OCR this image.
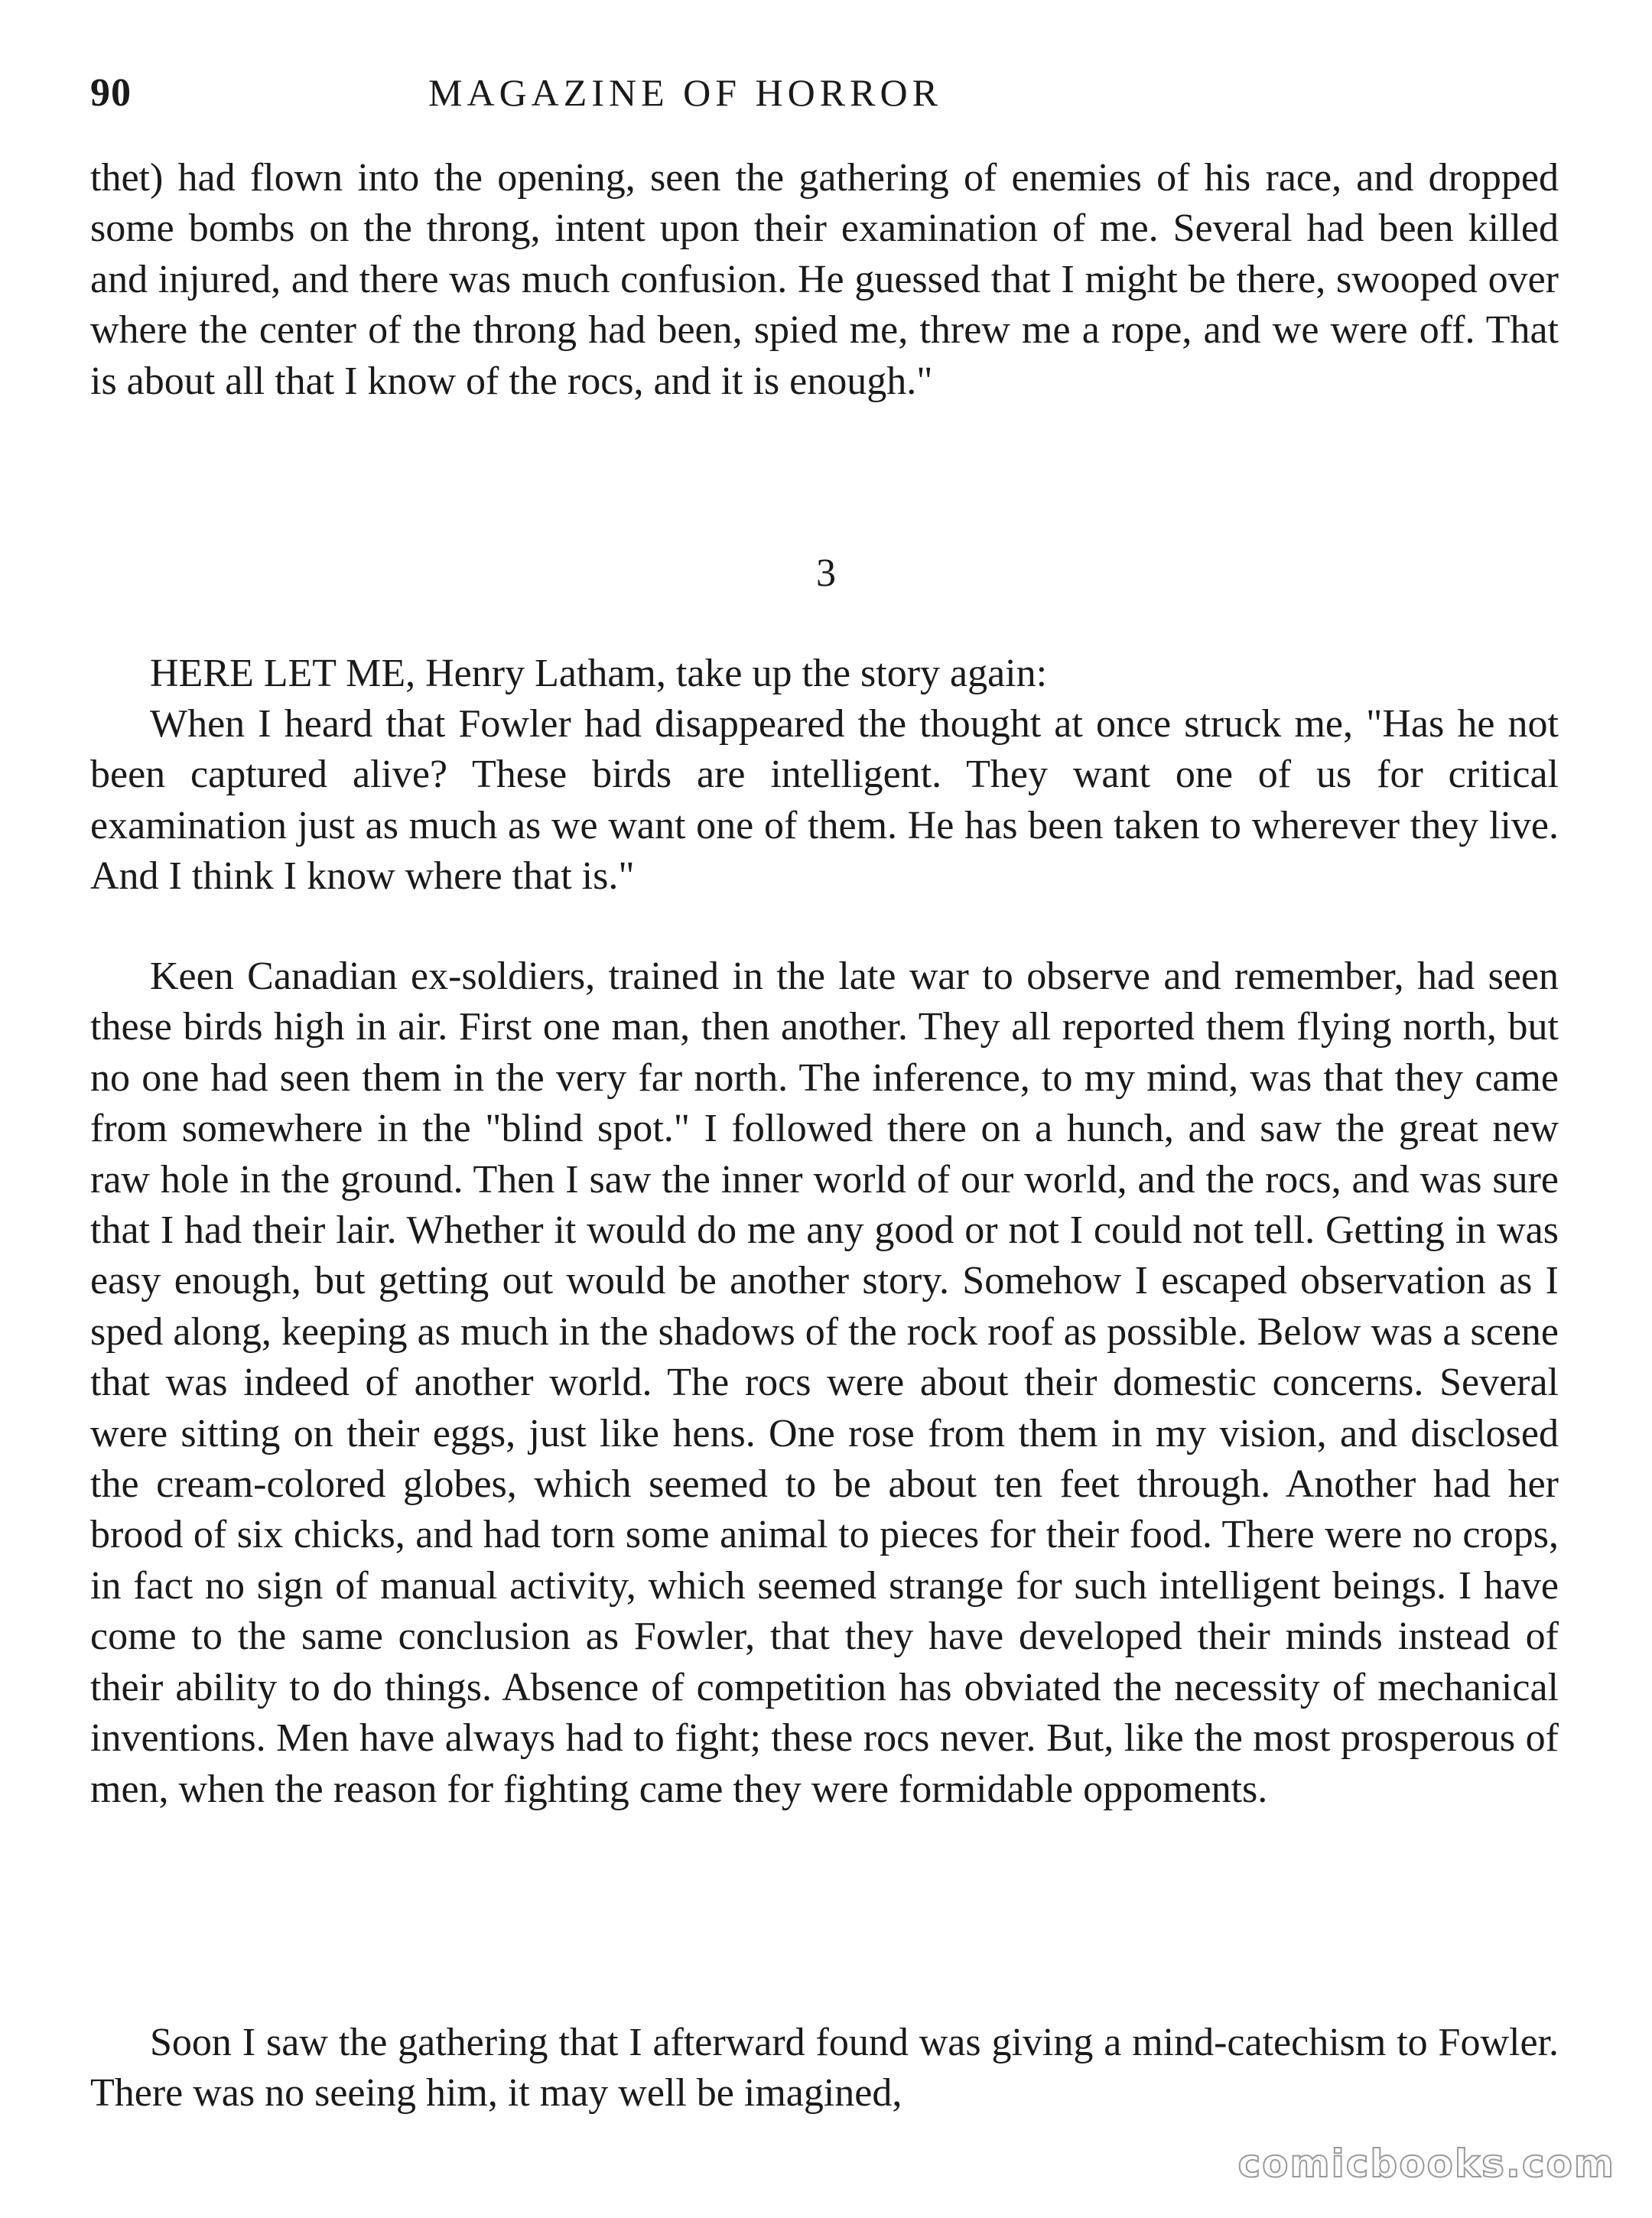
90	MAGAZINE OF HORROR

thet) had flown into the opening, seen the gathering of enemies of his race, and dropped some bombs on the throng, intent upon their examination of me. Several had been killed and injured, and there was much confusion. He guessed that I might be there, swooped over where the center of the throng had been, spied me, threw me a rope, and we were off. That is about all that I know of the rocs, and it is enough."

3

HERE LET ME, Henry Latham, take up the story again:

When I heard that Fowler had disappeared the thought at once struck me, "Has he not been captured alive? These birds are intelligent. They want one of us for critical examination just as much as we want one of them. He has been taken to wherever they live. And I think I know where that is."

Keen Canadian ex-soldiers, trained in the late war to observe and remember, had seen these birds high in air. First one man, then another. They all reported them flying north, but no one had seen them in the very far north. The inference, to my mind, was that they came from somewhere in the "blind spot." I followed there on a hunch, and saw the great new raw hole in the ground. Then I saw the inner world of our world, and the rocs, and was sure that I had their lair. Whether it would do me any good or not I could not tell. Getting in was easy enough, but getting out would be another story. Somehow I escaped observation as I sped along, keeping as much in the shadows of the rock roof as possible. Below was a scene that was indeed of another world. The rocs were about their domestic concerns. Several were sitting on their eggs, just like hens. One rose from them in my vision, and disclosed the cream-colored globes, which seemed to be about ten feet through. Another had her brood of six chicks, and had torn some animal to pieces for their food. There were no crops, in fact no sign of manual activity, which seemed strange for such intelligent beings. I have come to the same conclusion as Fowler, that they have developed their minds instead of their ability to do things. Absence of competition has obviated the necessity of mechanical inventions. Men have always had to fight; these rocs never. But, like the most prosperous of men, when the reason for fighting came they were formidable oppoments.

Soon I saw the gathering that I afterward found was giving a mind-catechism to Fowler. There was no seeing him, it may well be imagined,

comicbooks.com
